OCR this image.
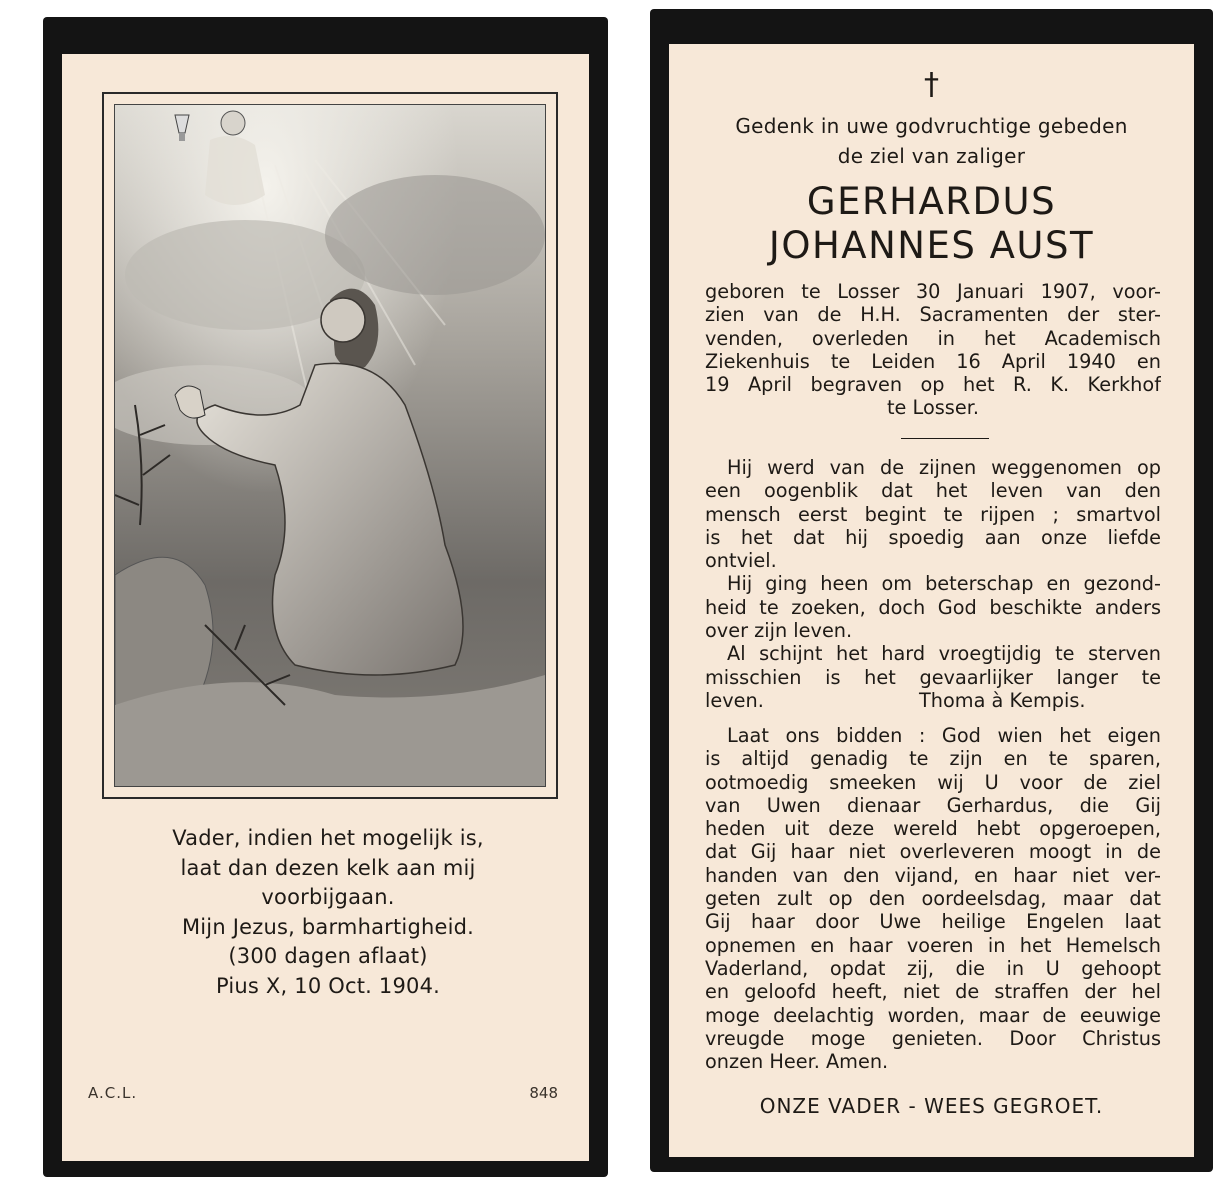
Vader, indien het mogelijk is,
laat dan dezen kelk aan mij
voorbijgaan.
Mijn Jezus, barmhartigheid.
(300 dagen aflaat)
Pius X, 10 Oct. 1904.
A.C.L.	848
†
Gedenk in uwe godvruchtige gebeden
de ziel van zaliger
GERHARDUS
JOHANNES AUST
geboren te Losser 30 Januari 1907, voor-
zien van de H.H. Sacramenten der ster-
venden, overleden in het Academisch
Ziekenhuis te Leiden 16 April 1940 en
19 April begraven op het R. K. Kerkhof
te Losser.
Hij werd van de zijnen weggenomen op
een oogenblik dat het leven van den
mensch eerst begint te rijpen ; smartvol
is het dat hij spoedig aan onze liefde
ontviel.
Hij ging heen om beterschap en gezond-
heid te zoeken, doch God beschikte anders
over zijn leven.
Al schijnt het hard vroegtijdig te sterven
misschien is het gevaarlijker langer te
leven.	Thoma à Kempis.
Laat ons bidden : God wien het eigen
is altijd genadig te zijn en te sparen,
ootmoedig smeeken wij U voor de ziel
van Uwen dienaar Gerhardus, die Gij
heden uit deze wereld hebt opgeroepen,
dat Gij haar niet overleveren moogt in de
handen van den vijand, en haar niet ver-
geten zult op den oordeelsdag, maar dat
Gij haar door Uwe heilige Engelen laat
opnemen en haar voeren in het Hemelsch
Vaderland, opdat zij, die in U gehoopt
en geloofd heeft, niet de straffen der hel
moge deelachtig worden, maar de eeuwige
vreugde moge genieten. Door Christus
onzen Heer. Amen.
ONZE VADER - WEES GEGROET.
